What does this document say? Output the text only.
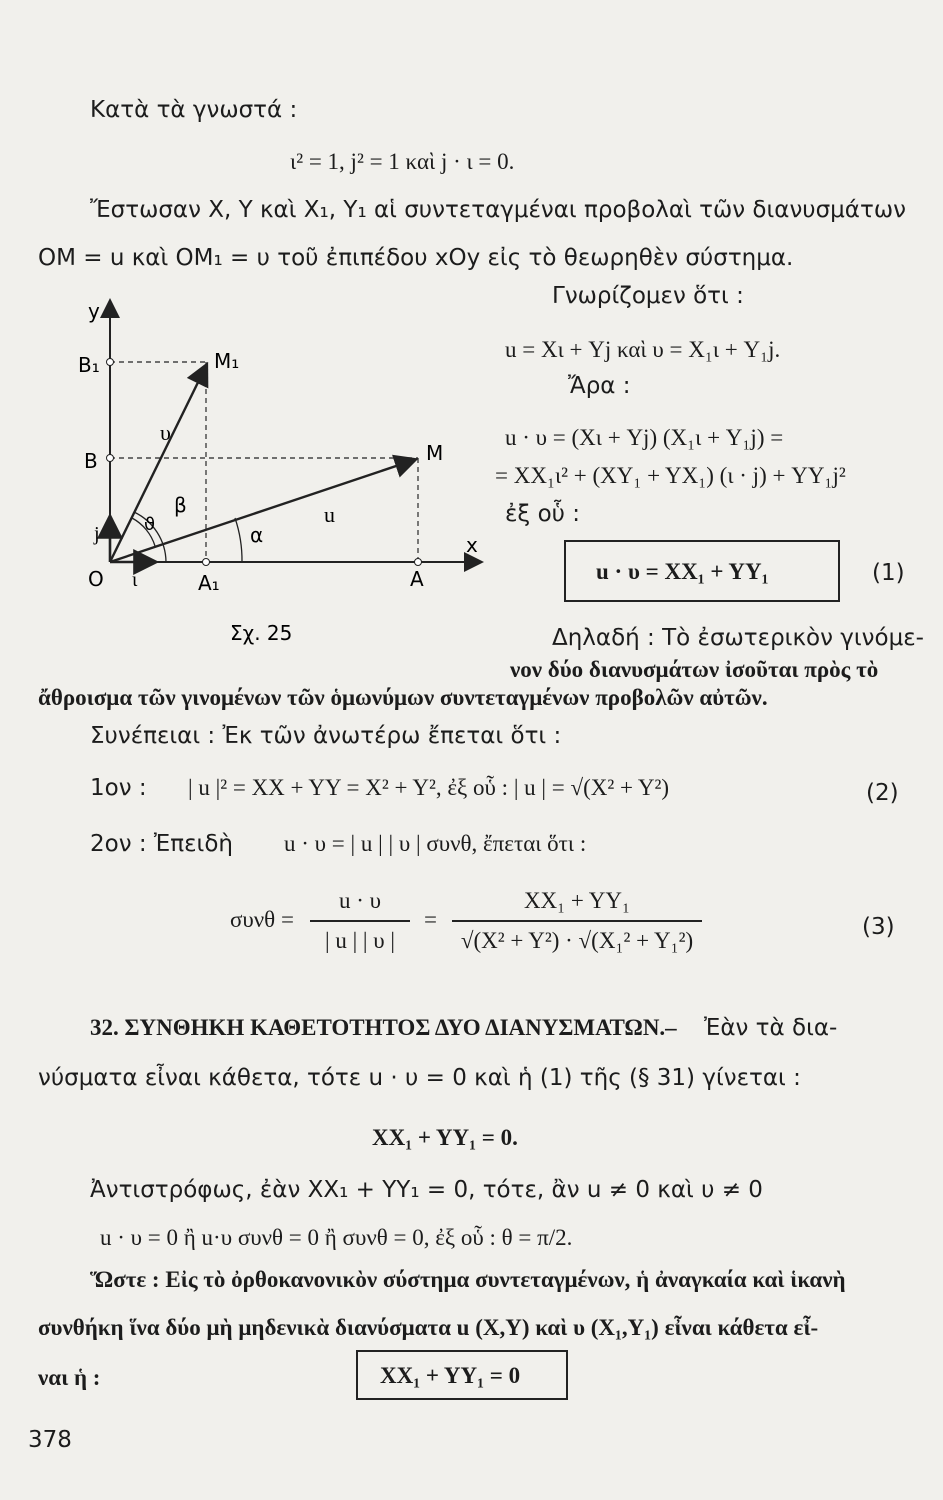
Κατὰ τὰ γνωστά :
ι² = 1, j² = 1 καὶ j · ι = 0.
Ἔστωσαν Χ, Υ καὶ Χ₁, Υ₁ αἱ συντεταγμέναι προβολαὶ τῶν διανυσμάτων
ΟΜ = u καὶ ΟΜ₁ = υ τοῦ ἐπιπέδου xOy εἰς τὸ θεωρηθὲν σύστημα.
Γνωρίζομεν ὅτι :
u = Xι + Yj καὶ υ = X₁ι + Y₁j.
Ἄρα :
u · υ = (Xι + Yj) (X₁ι + Y₁j) =
= XX₁ι² + (XY₁ + YX₁) (ι · j) + YY₁j²
ἐξ οὗ :
u · υ = XX₁ + YY₁	(1)
y
x
O	A
A₁
B
B₁
M
M₁
u
υ
ι
j	α
β
ϑ
Σχ. 25	Δηλαδή : Τὸ ἐσωτερικὸν γινόμε-
νον δύο διανυσμάτων ἰσοῦται πρὸς τὸ
ἄθροισμα τῶν γινομένων τῶν ὁμωνύμων συντεταγμένων προβολῶν αὐτῶν.
Συνέπειαι : Ἐκ τῶν ἀνωτέρω ἔπεται ὅτι :
1ον : | u |² = XX + YY = X² + Y², ἐξ οὗ : | u | = √(X² + Y²)	(2)
2ον : Ἐπειδὴ u · υ = | u | | υ | συνθ, ἔπεται ὅτι :
συνθ =
u · υ
| u | | υ |
=
XX₁ + YY₁
√(X² + Y²) · √(X₁² + Y₁²)
(3)
32. ΣΥΝΘΗΚΗ ΚΑΘΕΤΟΤΗΤΟΣ ΔΥΟ ΔΙΑΝΥΣΜΑΤΩΝ.– Ἐὰν τὰ δια-
νύσματα εἶναι κάθετα, τότε u · υ = 0 καὶ ἡ (1) τῆς (§ 31) γίνεται :
XX₁ + YY₁ = 0.
Ἀντιστρόφως, ἐὰν XX₁ + YY₁ = 0, τότε, ἂν u ≠ 0 καὶ υ ≠ 0
u · υ = 0 ἢ u·υ συνθ = 0 ἢ συνθ = 0, ἐξ οὗ : θ = π/2.
Ὥστε : Εἰς τὸ ὀρθοκανονικὸν σύστημα συντεταγμένων, ἡ ἀναγκαία καὶ ἱκανὴ
συνθήκη ἵνα δύο μὴ μηδενικὰ διανύσματα u (X,Y) καὶ υ (X₁,Y₁) εἶναι κάθετα εἶ-
ναι ἡ :	XX₁ + YY₁ = 0
378
